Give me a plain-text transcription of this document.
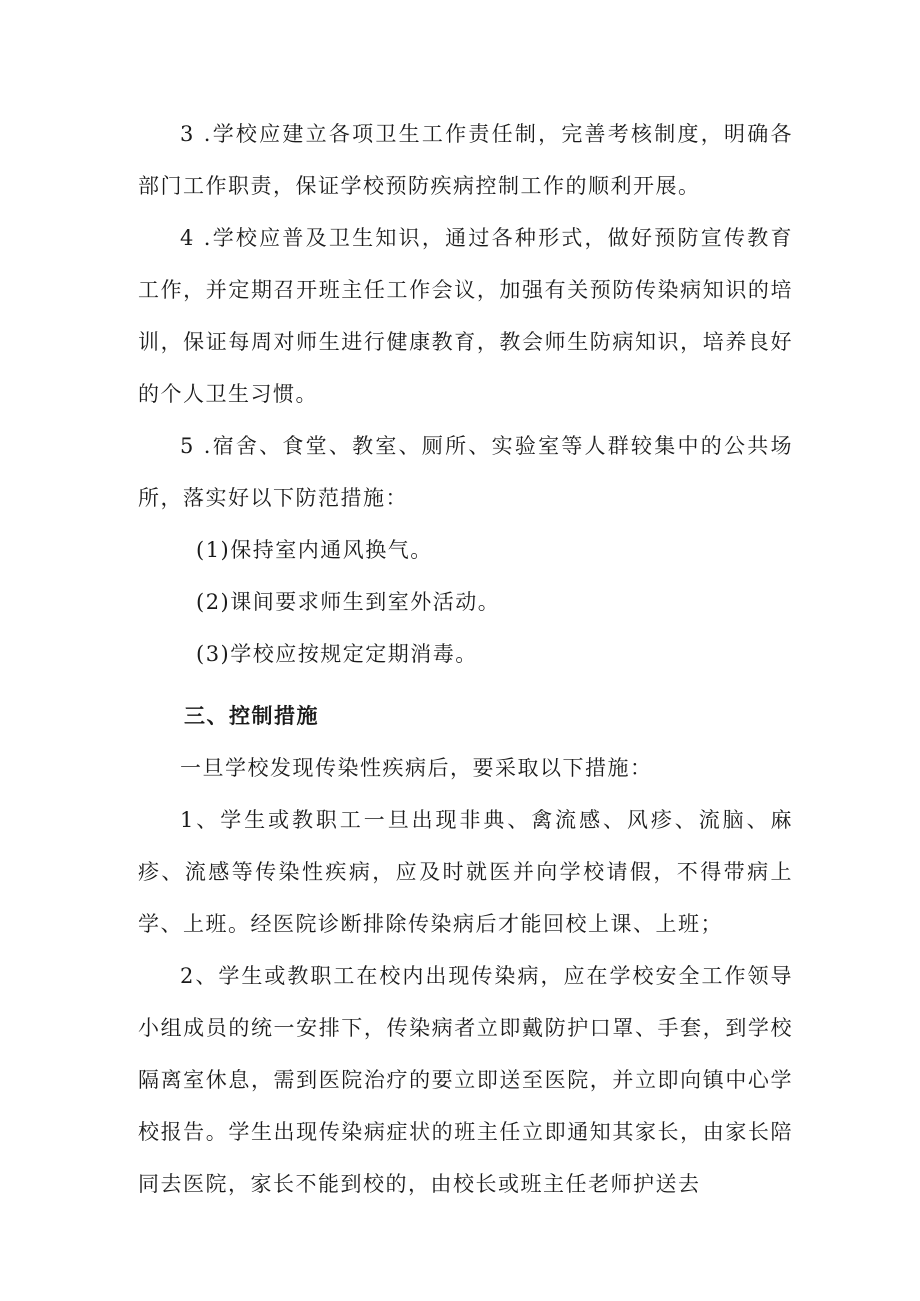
3 .学校应建立各项卫生工作责任制，完善考核制度，明确各部门工作职责，保证学校预防疾病控制工作的顺利开展。

4 .学校应普及卫生知识，通过各种形式，做好预防宣传教育工作，并定期召开班主任工作会议，加强有关预防传染病知识的培训，保证每周对师生进行健康教育，教会师生防病知识，培养良好的个人卫生习惯。

5 .宿舍、食堂、教室、厕所、实验室等人群较集中的公共场所，落实好以下防范措施：

(1)保持室内通风换气。

(2)课间要求师生到室外活动。

(3)学校应按规定定期消毒。

三、控制措施

一旦学校发现传染性疾病后，要采取以下措施：

1、学生或教职工一旦出现非典、禽流感、风疹、流脑、麻疹、流感等传染性疾病，应及时就医并向学校请假，不得带病上学、上班。经医院诊断排除传染病后才能回校上课、上班；

2、学生或教职工在校内出现传染病，应在学校安全工作领导小组成员的统一安排下，传染病者立即戴防护口罩、手套，到学校隔离室休息，需到医院治疗的要立即送至医院，并立即向镇中心学校报告。学生出现传染病症状的班主任立即通知其家长，由家长陪同去医院，家长不能到校的，由校长或班主任老师护送去
